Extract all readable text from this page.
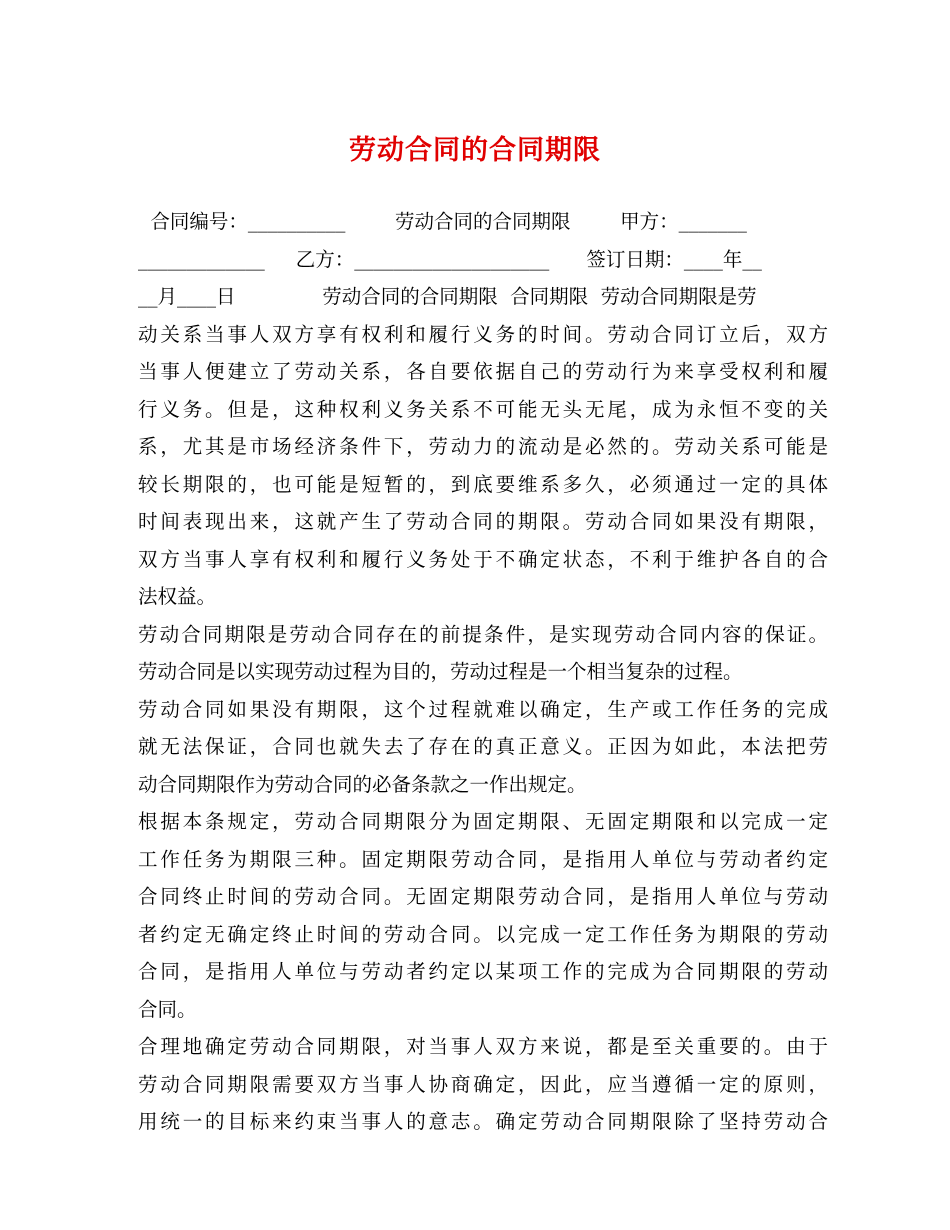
劳动合同的合同期限
合同编号：__________        劳动合同的合同期限        甲方：_______
_____________     乙方：____________________      签订日期：____年__
__月____日              劳动合同的合同期限  合同期限  劳动合同期限是劳
动关系当事人双方享有权利和履行义务的时间。劳动合同订立后，双方
当事人便建立了劳动关系，各自要依据自己的劳动行为来享受权利和履
行义务。但是，这种权利义务关系不可能无头无尾，成为永恒不变的关
系，尤其是市场经济条件下，劳动力的流动是必然的。劳动关系可能是
较长期限的，也可能是短暂的，到底要维系多久，必须通过一定的具体
时间表现出来，这就产生了劳动合同的期限。劳动合同如果没有期限，
双方当事人享有权利和履行义务处于不确定状态，不利于维护各自的合
法权益。
劳动合同期限是劳动合同存在的前提条件，是实现劳动合同内容的保证。
劳动合同是以实现劳动过程为目的，劳动过程是一个相当复杂的过程。
劳动合同如果没有期限，这个过程就难以确定，生产或工作任务的完成
就无法保证，合同也就失去了存在的真正意义。正因为如此，本法把劳
动合同期限作为劳动合同的必备条款之一作出规定。
根据本条规定，劳动合同期限分为固定期限、无固定期限和以完成一定
工作任务为期限三种。固定期限劳动合同，是指用人单位与劳动者约定
合同终止时间的劳动合同。无固定期限劳动合同，是指用人单位与劳动
者约定无确定终止时间的劳动合同。以完成一定工作任务为期限的劳动
合同，是指用人单位与劳动者约定以某项工作的完成为合同期限的劳动
合同。
合理地确定劳动合同期限，对当事人双方来说，都是至关重要的。由于
劳动合同期限需要双方当事人协商确定，因此，应当遵循一定的原则，
用统一的目标来约束当事人的意志。确定劳动合同期限除了坚持劳动合
